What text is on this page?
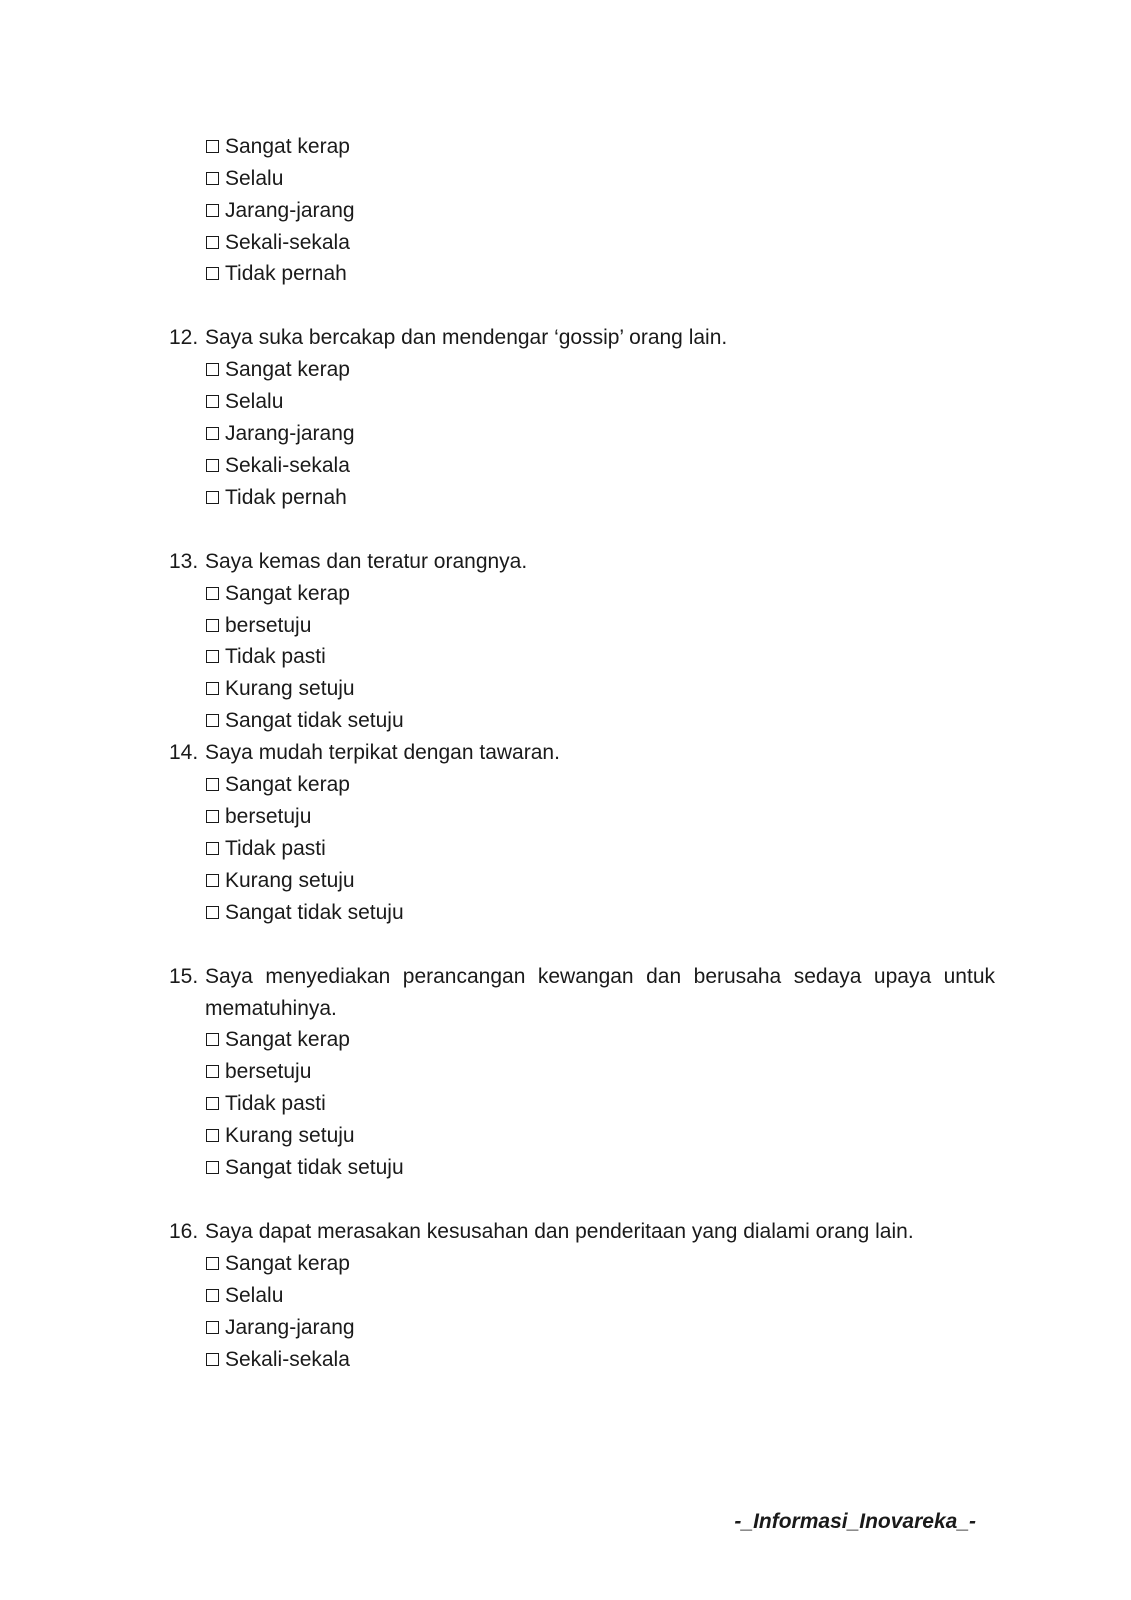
Sangat kerap
Selalu
Jarang-jarang
Sekali-sekala
Tidak pernah
12. Saya suka bercakap dan mendengar ‘gossip’ orang lain.
Sangat kerap
Selalu
Jarang-jarang
Sekali-sekala
Tidak pernah
13. Saya kemas dan teratur orangnya.
Sangat kerap
bersetuju
Tidak pasti
Kurang setuju
Sangat tidak setuju
14. Saya mudah terpikat dengan tawaran.
Sangat kerap
bersetuju
Tidak pasti
Kurang setuju
Sangat tidak setuju
15. Saya menyediakan perancangan kewangan dan berusaha sedaya upaya untuk mematuhinya.
Sangat kerap
bersetuju
Tidak pasti
Kurang setuju
Sangat tidak setuju
16. Saya dapat merasakan kesusahan dan penderitaan yang dialami orang lain.
Sangat kerap
Selalu
Jarang-jarang
Sekali-sekala
-_Informasi_Inovareka_-
